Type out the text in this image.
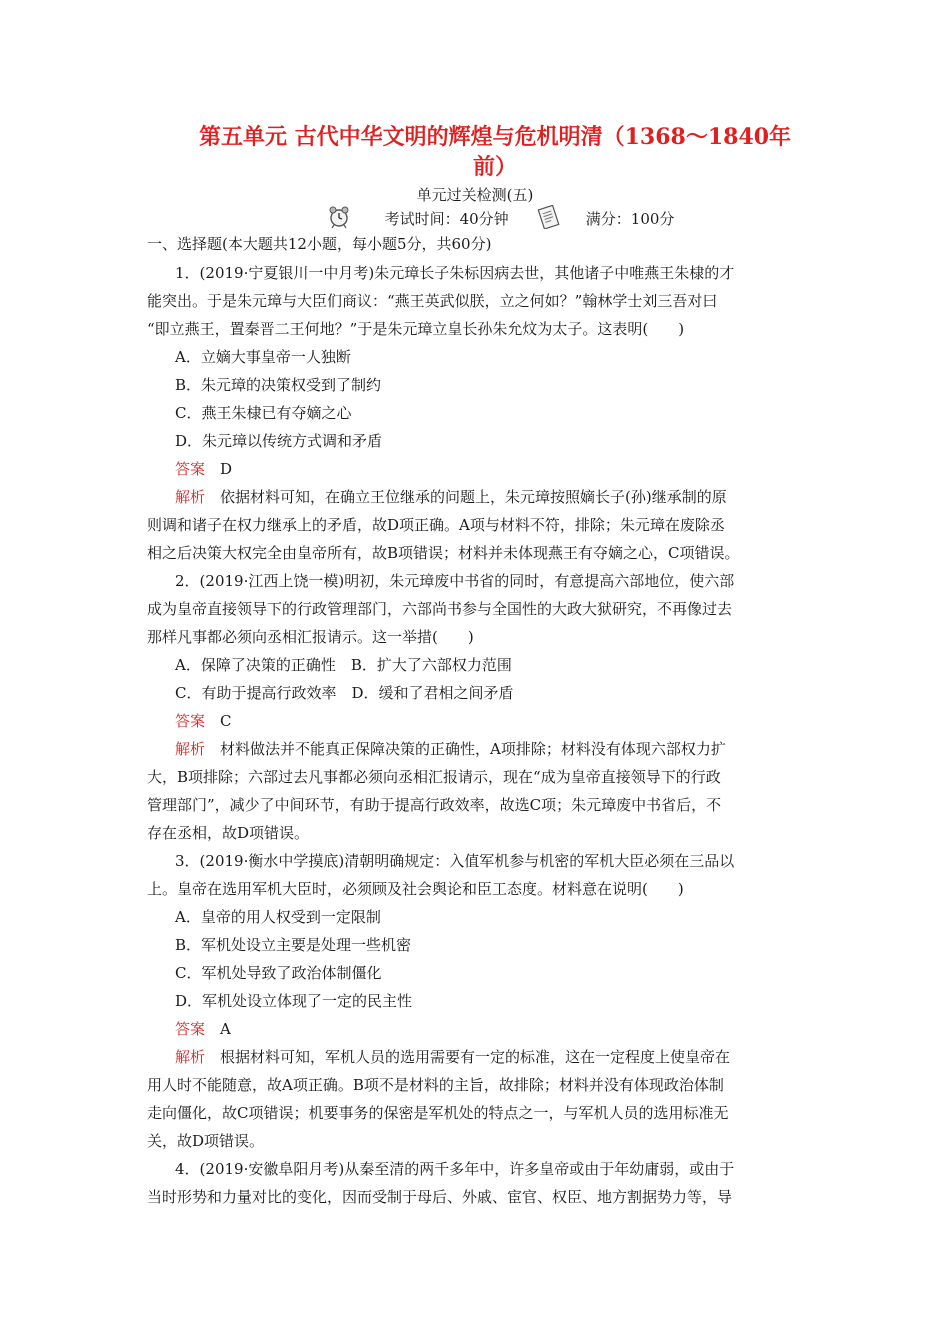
第五单元 古代中华文明的辉煌与危机明清（1368～1840年
前）
单元过关检测(五)
考试时间：40分钟	满分：100分
一、选择题(本大题共12小题，每小题5分，共60分)
1．(2019·宁夏银川一中月考)朱元璋长子朱标因病去世，其他诸子中唯燕王朱棣的才
能突出。于是朱元璋与大臣们商议：“燕王英武似朕，立之何如？”翰林学士刘三吾对曰
“即立燕王，置秦晋二王何地？”于是朱元璋立皇长孙朱允炆为太子。这表明(　　)
A．立嫡大事皇帝一人独断
B．朱元璋的决策权受到了制约
C．燕王朱棣已有夺嫡之心
D．朱元璋以传统方式调和矛盾
答案　 D
解析　 依据材料可知，在确立王位继承的问题上，朱元璋按照嫡长子(孙)继承制的原
则调和诸子在权力继承上的矛盾，故D项正确。A项与材料不符，排除；朱元璋在废除丞
相之后决策大权完全由皇帝所有，故B项错误；材料并未体现燕王有夺嫡之心，C项错误。
2．(2019·江西上饶一模)明初，朱元璋废中书省的同时，有意提高六部地位，使六部
成为皇帝直接领导下的行政管理部门，六部尚书参与全国性的大政大狱研究，不再像过去
那样凡事都必须向丞相汇报请示。这一举措(　　)
A．保障了决策的正确性　B．扩大了六部权力范围
C．有助于提高行政效率　D．缓和了君相之间矛盾
答案　 C
解析　 材料做法并不能真正保障决策的正确性，A项排除；材料没有体现六部权力扩
大，B项排除；六部过去凡事都必须向丞相汇报请示，现在“成为皇帝直接领导下的行政
管理部门”，减少了中间环节，有助于提高行政效率，故选C项；朱元璋废中书省后，不
存在丞相，故D项错误。
3．(2019·衡水中学摸底)清朝明确规定：入值军机参与机密的军机大臣必须在三品以
上。皇帝在选用军机大臣时，必须顾及社会舆论和臣工态度。材料意在说明(　　)
A．皇帝的用人权受到一定限制
B．军机处设立主要是处理一些机密
C．军机处导致了政治体制僵化
D．军机处设立体现了一定的民主性
答案　 A
解析　 根据材料可知，军机人员的选用需要有一定的标准，这在一定程度上使皇帝在
用人时不能随意，故A项正确。B项不是材料的主旨，故排除；材料并没有体现政治体制
走向僵化，故C项错误；机要事务的保密是军机处的特点之一，与军机人员的选用标准无
关，故D项错误。
4．(2019·安徽阜阳月考)从秦至清的两千多年中，许多皇帝或由于年幼庸弱，或由于
当时形势和力量对比的变化，因而受制于母后、外戚、宦官、权臣、地方割据势力等，导
